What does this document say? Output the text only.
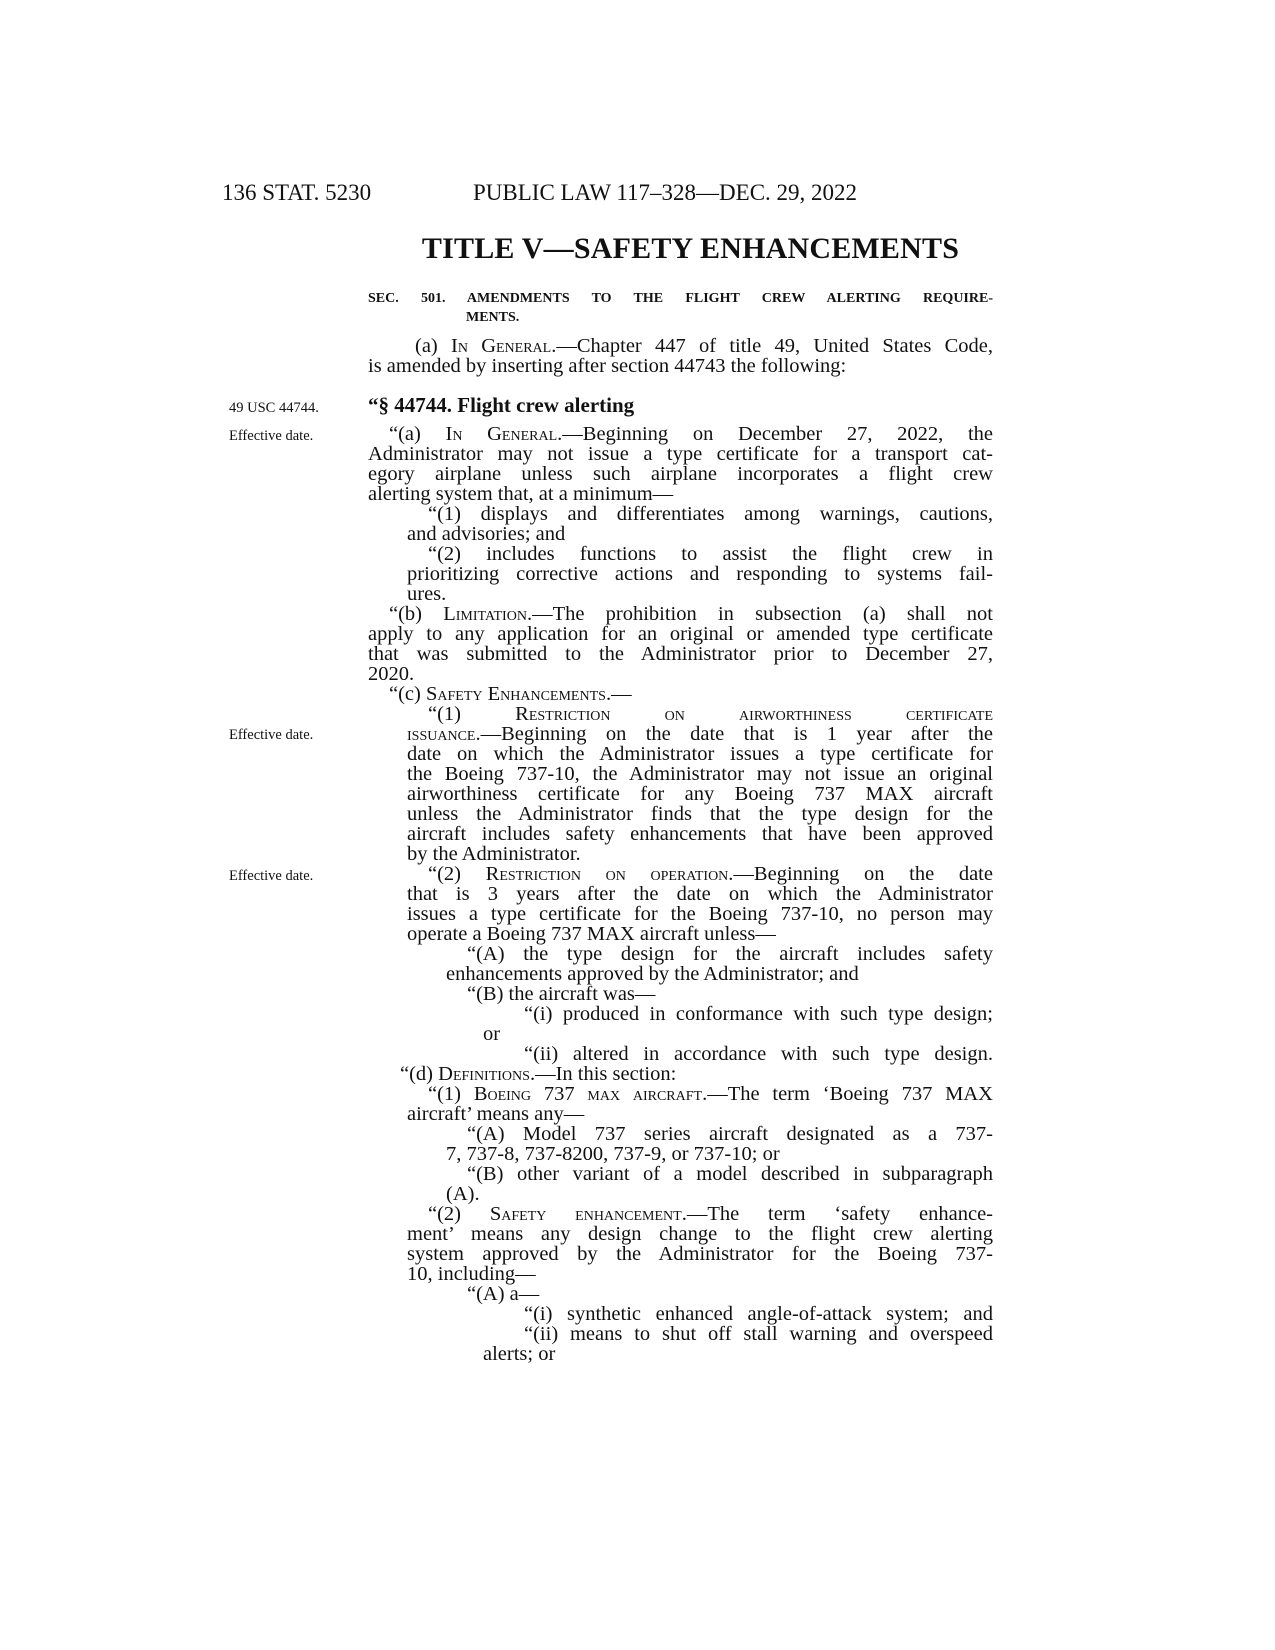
136 STAT. 5230	PUBLIC LAW 117–328—DEC. 29, 2022
TITLE V—SAFETY ENHANCEMENTS
SEC. 501. AMENDMENTS TO THE FLIGHT CREW ALERTING REQUIRE-
MENTS.
49 USC 44744.
Effective date.
Effective date.
Effective date.
(a) In General.—Chapter 447 of title 49, United States Code,
is amended by inserting after section 44743 the following:
“§ 44744. Flight crew alerting
“(a) In General.—Beginning on December 27, 2022, the
Administrator may not issue a type certificate for a transport cat-
egory airplane unless such airplane incorporates a flight crew
alerting system that, at a minimum—
“(1) displays and differentiates among warnings, cautions,
and advisories; and
“(2) includes functions to assist the flight crew in
prioritizing corrective actions and responding to systems fail-
ures.
“(b) Limitation.—The prohibition in subsection (a) shall not
apply to any application for an original or amended type certificate
that was submitted to the Administrator prior to December 27,
2020.
“(c) Safety Enhancements.—
“(1) Restriction on airworthiness certificate
issuance.—Beginning on the date that is 1 year after the
date on which the Administrator issues a type certificate for
the Boeing 737-10, the Administrator may not issue an original
airworthiness certificate for any Boeing 737 MAX aircraft
unless the Administrator finds that the type design for the
aircraft includes safety enhancements that have been approved
by the Administrator.
“(2) Restriction on operation.—Beginning on the date
that is 3 years after the date on which the Administrator
issues a type certificate for the Boeing 737-10, no person may
operate a Boeing 737 MAX aircraft unless—
“(A) the type design for the aircraft includes safety
enhancements approved by the Administrator; and
“(B) the aircraft was—
“(i) produced in conformance with such type design;
or
“(ii) altered in accordance with such type design.
“(d) Definitions.—In this section:
“(1) Boeing 737 max aircraft.—The term ‘Boeing 737 MAX
aircraft’ means any—
“(A) Model 737 series aircraft designated as a 737-
7, 737-8, 737-8200, 737-9, or 737-10; or
“(B) other variant of a model described in subparagraph
(A).
“(2) Safety enhancement.—The term ‘safety enhance-
ment’ means any design change to the flight crew alerting
system approved by the Administrator for the Boeing 737-
10, including—
“(A) a—
“(i) synthetic enhanced angle-of-attack system; and
“(ii) means to shut off stall warning and overspeed
alerts; or
